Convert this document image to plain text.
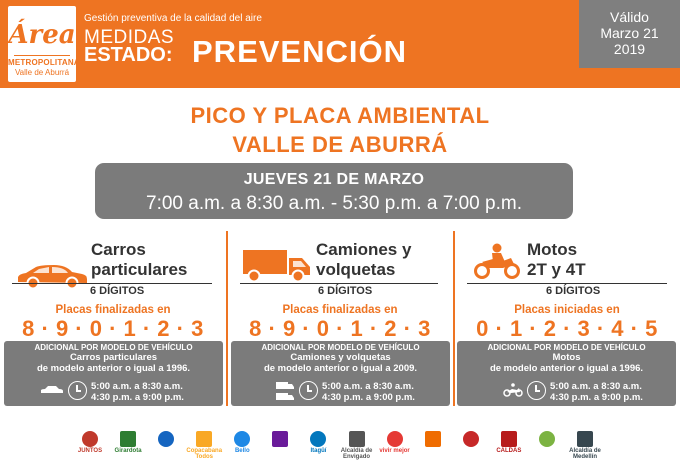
Área
METROPOLITANA
Valle de Aburrá
Gestión preventiva de la calidad del aire
MEDIDAS
ESTADO: PREVENCIÓN
Válido
Marzo 21
2019
PICO Y PLACA AMBIENTAL
VALLE DE ABURRÁ
JUEVES 21 DE MARZO
7:00 a.m. a 8:30 a.m. - 5:30 p.m. a 7:00 p.m.
Carros
particulares
6 DÍGITOS
Placas finalizadas en
8 · 9 · 0 · 1 · 2 · 3
ADICIONAL POR MODELO DE VEHÍCULO
Carros particulares
de modelo anterior o igual a 1996.
5:00 a.m. a 8:30 a.m.
4:30 p.m. a 9:00 p.m.
Camiones y
volquetas
6 DÍGITOS
Placas finalizadas en
8 · 9 · 0 · 1 · 2 · 3
ADICIONAL POR MODELO DE VEHÍCULO
Camiones y volquetas
de modelo anterior o igual a 2009.
5:00 a.m. a 8:30 a.m.
4:30 p.m. a 9:00 p.m.
Motos
2T y 4T
6 DÍGITOS
Placas iniciadas en
0 · 1 · 2 · 3 · 4 · 5
ADICIONAL POR MODELO DE VEHÍCULO
Motos
de modelo anterior o igual a 1996.
5:00 a.m. a 8:30 a.m.
4:30 p.m. a 9:00 p.m.
JUNTOS	Girardota	Copacabana Todos
Bello	Itagüí	Alcaldía de Envigado
vivir mejor	CALDAS	Alcaldía de Medellín
